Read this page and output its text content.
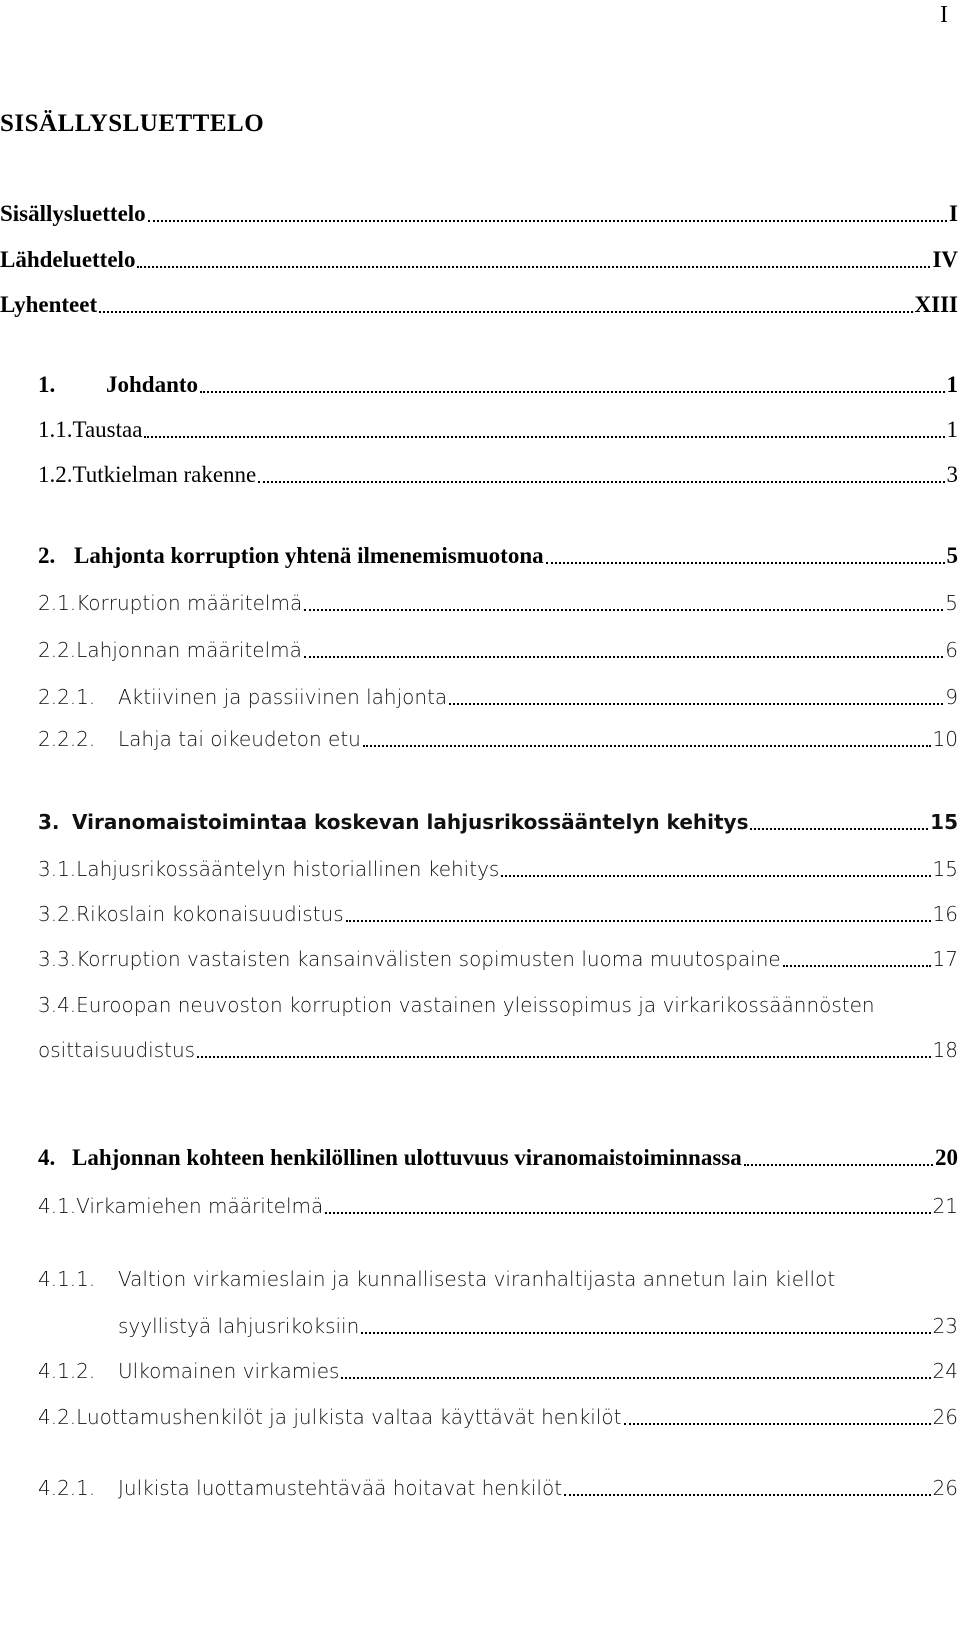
I
SISÄLLYSLUETTELO
Sisällysluettelo	I
Lähdeluettelo	IV
Lyhenteet	XIII
1.	Johdanto	1
1.1. Taustaa	1
1.2. Tutkielman rakenne	3
2. Lahjonta korruption yhtenä ilmenemismuotona	5
2.1. Korruption määritelmä	5
2.2. Lahjonnan määritelmä	6
2.2.1.	Aktiivinen ja passiivinen lahjonta	9
2.2.2.	Lahja tai oikeudeton etu	10
3. Viranomaistoimintaa koskevan lahjusrikossääntelyn kehitys	15
3.1. Lahjusrikossääntelyn historiallinen kehitys	15
3.2. Rikoslain kokonaisuudistus	16
3.3. Korruption vastaisten kansainvälisten sopimusten luoma muutospaine	17
3.4. Euroopan neuvoston korruption vastainen yleissopimus ja virkarikossäännösten
osittaisuudistus	18
4. Lahjonnan kohteen henkilöllinen ulottuvuus viranomaistoiminnassa	20
4.1. Virkamiehen määritelmä	21
4.1.1.	Valtion virkamieslain ja kunnallisesta viranhaltijasta annetun lain kiellot
syyllistyä lahjusrikoksiin	23
4.1.2.	Ulkomainen virkamies	24
4.2. Luottamushenkilöt ja julkista valtaa käyttävät henkilöt	26
4.2.1.	Julkista luottamustehtävää hoitavat henkilöt	26
